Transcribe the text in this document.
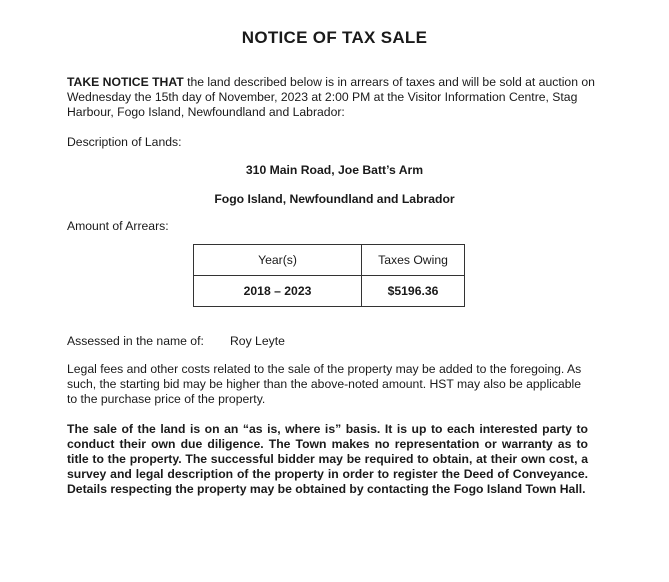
NOTICE OF TAX SALE
TAKE NOTICE THAT the land described below is in arrears of taxes and will be sold at auction on Wednesday the 15th day of November, 2023 at 2:00 PM at the Visitor Information Centre, Stag Harbour, Fogo Island, Newfoundland and Labrador:
Description of Lands:
310 Main Road, Joe Batt’s Arm
Fogo Island, Newfoundland and Labrador
Amount of Arrears:
Year(s)	Taxes Owing
2018 – 2023	$5196.36
Assessed in the name of: Roy Leyte
Legal fees and other costs related to the sale of the property may be added to the foregoing. As such, the starting bid may be higher than the above-noted amount. HST may also be applicable to the purchase price of the property.
The sale of the land is on an “as is, where is” basis. It is up to each interested party to conduct their own due diligence. The Town makes no representation or warranty as to title to the property. The successful bidder may be required to obtain, at their own cost, a survey and legal description of the property in order to register the Deed of Conveyance. Details respecting the property may be obtained by contacting the Fogo Island Town Hall.
